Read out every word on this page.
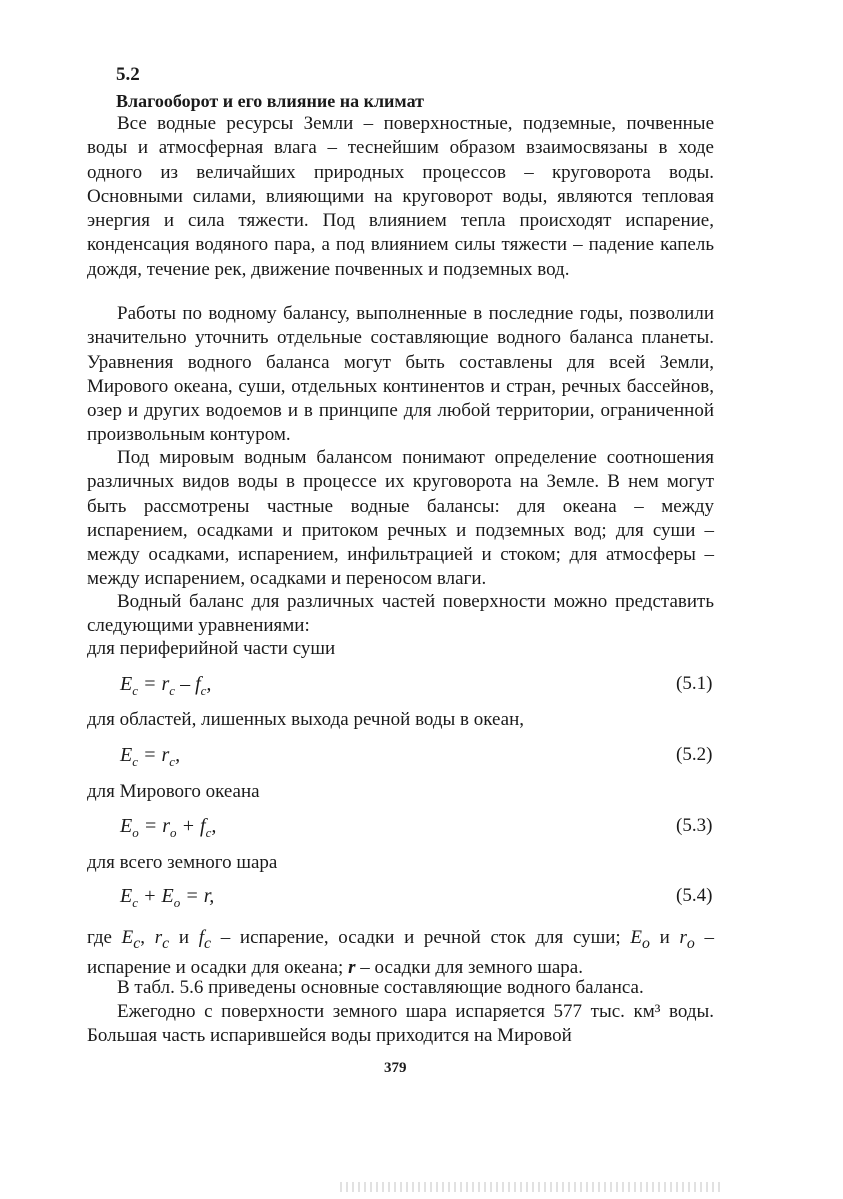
5.2
Влагооборот и его влияние на климат

Все водные ресурсы Земли – поверхностные, подземные, почвенные воды и атмосферная влага – теснейшим образом взаимосвязаны в ходе одного из величайших природных процессов – круговорота воды. Основными силами, влияющими на круговорот воды, являются тепловая энергия и сила тяжести. Под влиянием тепла происходят испарение, конденсация водяного пара, а под влиянием силы тяжести – падение капель дождя, течение рек, движение почвенных и подземных вод.

Работы по водному балансу, выполненные в последние годы, позволили значительно уточнить отдельные составляющие водного баланса планеты. Уравнения водного баланса могут быть составлены для всей Земли, Мирового океана, суши, отдельных континентов и стран, речных бассейнов, озер и других водоемов и в принципе для любой территории, ограниченной произвольным контуром.

Под мировым водным балансом понимают определение соотношения различных видов воды в процессе их круговорота на Земле. В нем могут быть рассмотрены частные водные балансы: для океана – между испарением, осадками и притоком речных и подземных вод; для суши – между осадками, испарением, инфильтрацией и стоком; для атмосферы – между испарением, осадками и переносом влаги.

Водный баланс для различных частей поверхности можно представить следующими уравнениями:

для периферийной части суши
$E_c = r_c - f_c$,	(5.1)
для областей, лишенных выхода речной воды в океан,
$E_c = r_c$,	(5.2)
для Мирового океана
$E_o = r_o + f_c$,	(5.3)
для всего земного шара
$E_c + E_o = r$,	(5.4)

где $E_c$, $r_c$ и $f_c$ – испарение, осадки и речной сток для суши; $E_o$ и $r_o$ – испарение и осадки для океана; r – осадки для земного шара.

В табл. 5.6 приведены основные составляющие водного баланса.

Ежегодно с поверхности земного шара испаряется 577 тыс. км³ воды. Большая часть испарившейся воды приходится на Мировой

379
